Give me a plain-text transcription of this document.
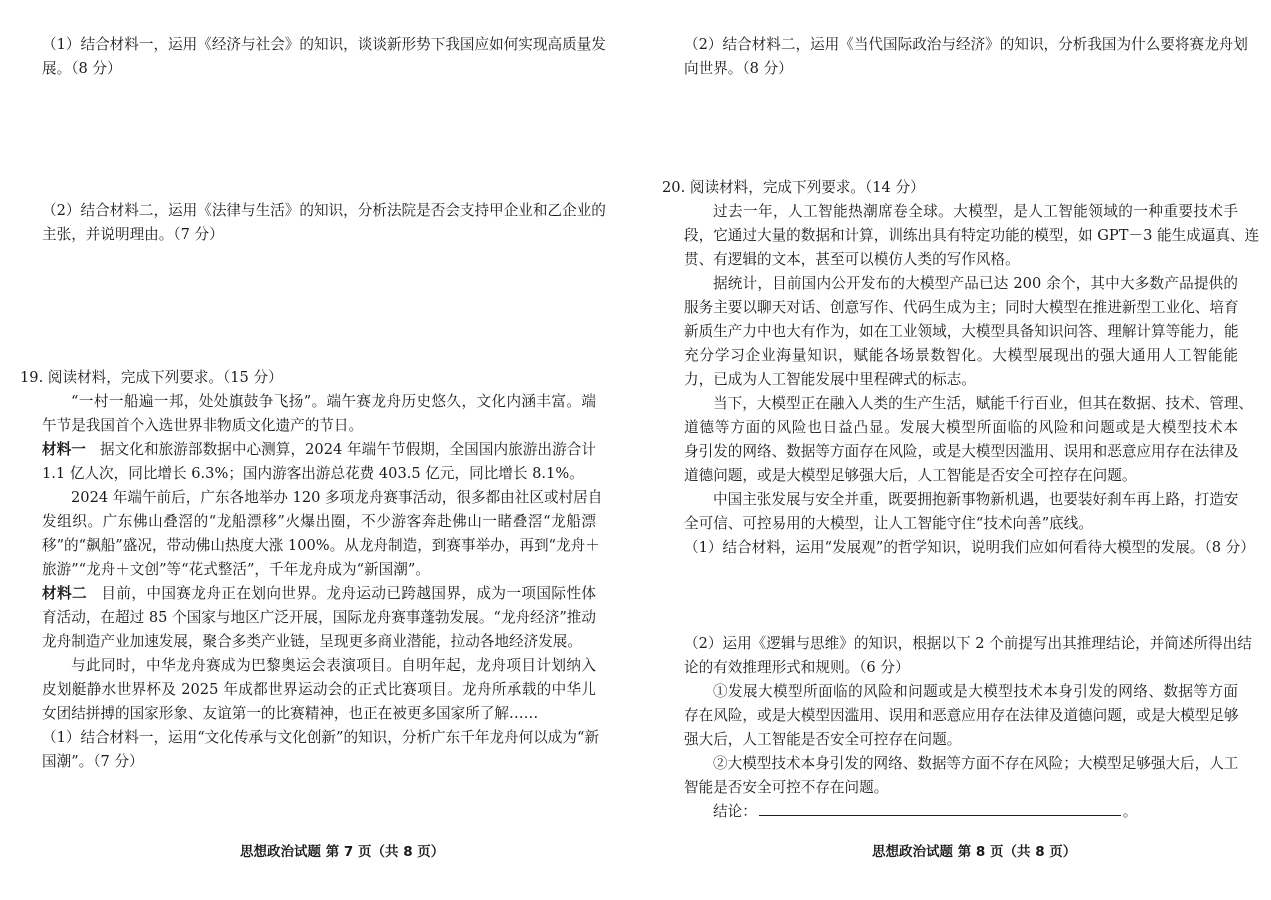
（1）结合材料一，运用《经济与社会》的知识，谈谈新形势下我国应如何实现高质量发

展。（8 分）

（2）结合材料二，运用《法律与生活》的知识，分析法院是否会支持甲企业和乙企业的

主张，并说明理由。（7 分）

19. 阅读材料，完成下列要求。（15 分）

“一村一船遍一邦，处处旗鼓争飞扬”。端午赛龙舟历史悠久，文化内涵丰富。端

午节是我国首个入选世界非物质文化遗产的节日。

材料一 据文化和旅游部数据中心测算，2024 年端午节假期，全国国内旅游出游合计

1.1 亿人次，同比增长 6.3%；国内游客出游总花费 403.5 亿元，同比增长 8.1%。

2024 年端午前后，广东各地举办 120 多项龙舟赛事活动，很多都由社区或村居自

发组织。广东佛山叠滘的“龙船漂移”火爆出圈，不少游客奔赴佛山一睹叠滘“龙船漂

移”的“飙船”盛况，带动佛山热度大涨 100%。从龙舟制造，到赛事举办，再到“龙舟＋

旅游”“龙舟＋文创”等“花式整活”，千年龙舟成为“新国潮”。

材料二 目前，中国赛龙舟正在划向世界。龙舟运动已跨越国界，成为一项国际性体

育活动，在超过 85 个国家与地区广泛开展，国际龙舟赛事蓬勃发展。“龙舟经济”推动

龙舟制造产业加速发展，聚合多类产业链，呈现更多商业潜能，拉动各地经济发展。

与此同时，中华龙舟赛成为巴黎奥运会表演项目。自明年起，龙舟项目计划纳入

皮划艇静水世界杯及 2025 年成都世界运动会的正式比赛项目。龙舟所承载的中华儿

女团结拼搏的国家形象、友谊第一的比赛精神，也正在被更多国家所了解……

（1）结合材料一，运用“文化传承与文化创新”的知识，分析广东千年龙舟何以成为“新

国潮”。（7 分）

思想政治试题 第 7 页（共 8 页）

（2）结合材料二，运用《当代国际政治与经济》的知识，分析我国为什么要将赛龙舟划

向世界。（8 分）

20. 阅读材料，完成下列要求。（14 分）

过去一年，人工智能热潮席卷全球。大模型，是人工智能领域的一种重要技术手

段，它通过大量的数据和计算，训练出具有特定功能的模型，如 GPT－3 能生成逼真、连

贯、有逻辑的文本，甚至可以模仿人类的写作风格。

据统计，目前国内公开发布的大模型产品已达 200 余个，其中大多数产品提供的

服务主要以聊天对话、创意写作、代码生成为主；同时大模型在推进新型工业化、培育

新质生产力中也大有作为，如在工业领域，大模型具备知识问答、理解计算等能力，能

充分学习企业海量知识，赋能各场景数智化。大模型展现出的强大通用人工智能能

力，已成为人工智能发展中里程碑式的标志。

当下，大模型正在融入人类的生产生活，赋能千行百业，但其在数据、技术、管理、

道德等方面的风险也日益凸显。发展大模型所面临的风险和问题或是大模型技术本

身引发的网络、数据等方面存在风险，或是大模型因滥用、误用和恶意应用存在法律及

道德问题，或是大模型足够强大后，人工智能是否安全可控存在问题。

中国主张发展与安全并重，既要拥抱新事物新机遇，也要装好刹车再上路，打造安

全可信、可控易用的大模型，让人工智能守住“技术向善”底线。

（1）结合材料，运用“发展观”的哲学知识，说明我们应如何看待大模型的发展。（8 分）

（2）运用《逻辑与思维》的知识，根据以下 2 个前提写出其推理结论，并简述所得出结

论的有效推理形式和规则。（6 分）

①发展大模型所面临的风险和问题或是大模型技术本身引发的网络、数据等方面

存在风险，或是大模型因滥用、误用和恶意应用存在法律及道德问题，或是大模型足够

强大后，人工智能是否安全可控存在问题。

②大模型技术本身引发的网络、数据等方面不存在风险；大模型足够强大后，人工

智能是否安全可控不存在问题。

结论：	。

思想政治试题 第 8 页（共 8 页）
